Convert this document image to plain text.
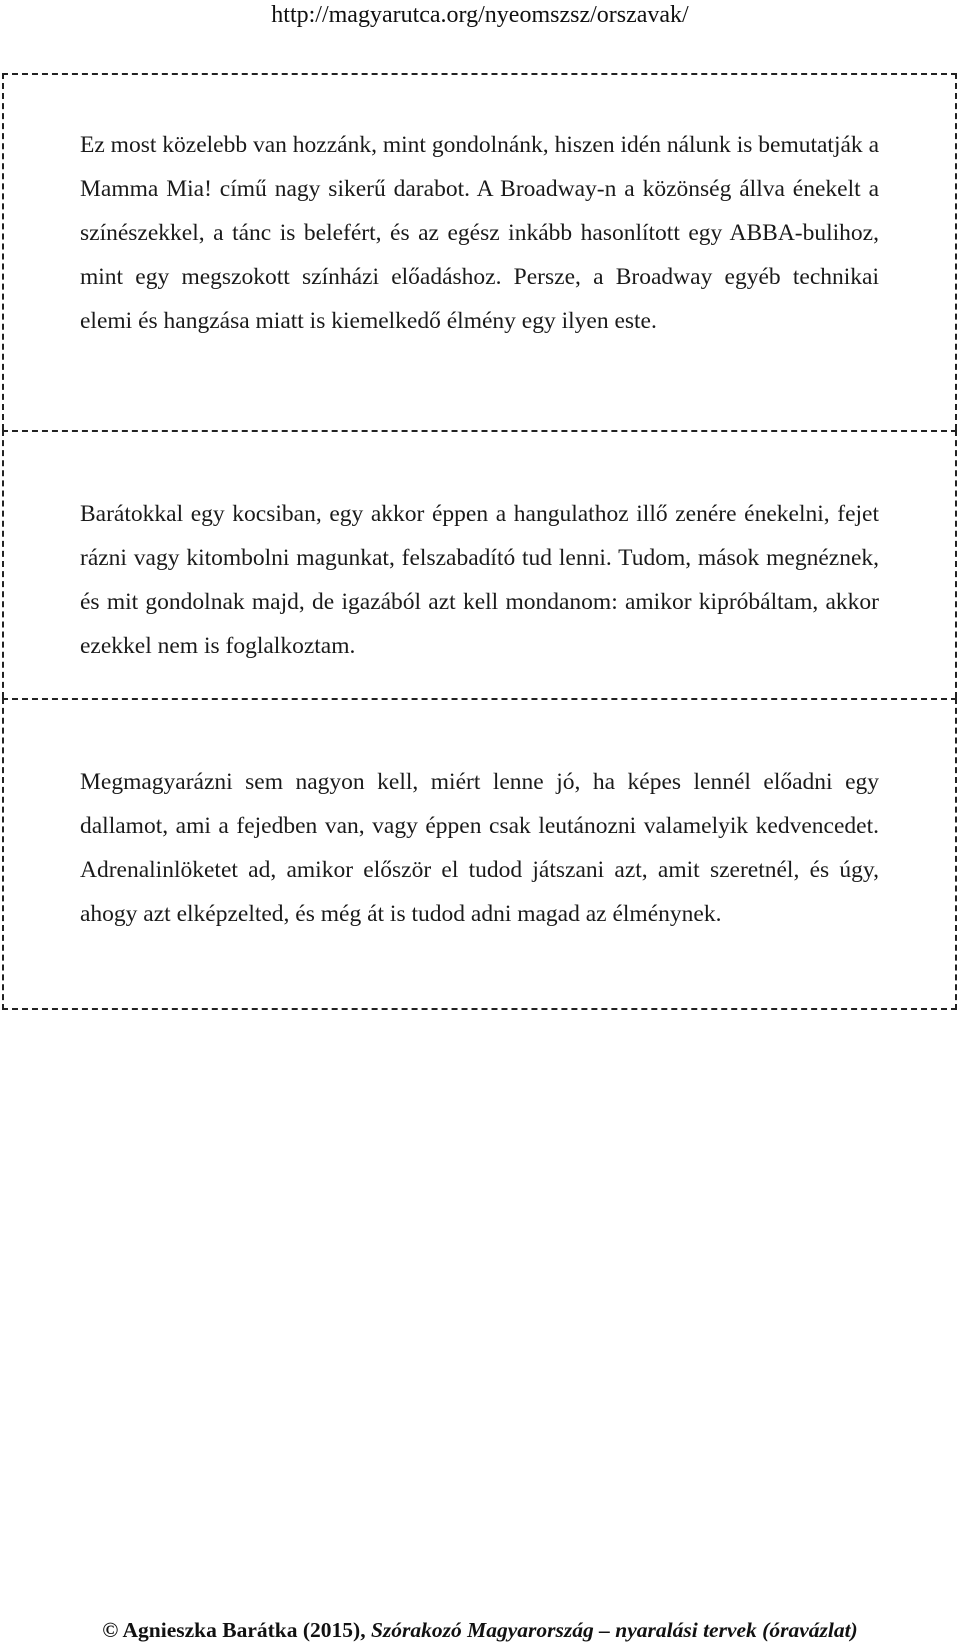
http://magyarutca.org/nyeomszsz/orszavak/

Ez most közelebb van hozzánk, mint gondolnánk, hiszen idén nálunk is bemutatják a Mamma Mia! című nagy sikerű darabot. A Broadway-n a közönség állva énekelt a színészekkel, a tánc is belefért, és az egész inkább hasonlított egy ABBA-bulihoz, mint egy megszokott színházi előadáshoz. Persze, a Broadway egyéb technikai elemi és hangzása miatt is kiemelkedő élmény egy ilyen este.

Barátokkal egy kocsiban, egy akkor éppen a hangulathoz illő zenére énekelni, fejet rázni vagy kitombolni magunkat, felszabadító tud lenni. Tudom, mások megnéznek, és mit gondolnak majd, de igazából azt kell mondanom: amikor kipróbáltam, akkor ezekkel nem is foglalkoztam.

Megmagyarázni sem nagyon kell, miért lenne jó, ha képes lennél előadni egy dallamot, ami a fejedben van, vagy éppen csak leutánozni valamelyik kedvencedet. Adrenalinlöketet ad, amikor először el tudod játszani azt, amit szeretnél, és úgy, ahogy azt elképzelted, és még át is tudod adni magad az élménynek.

© Agnieszka Barátka (2015), Szórakozó Magyarország – nyaralási tervek (óravázlat)
